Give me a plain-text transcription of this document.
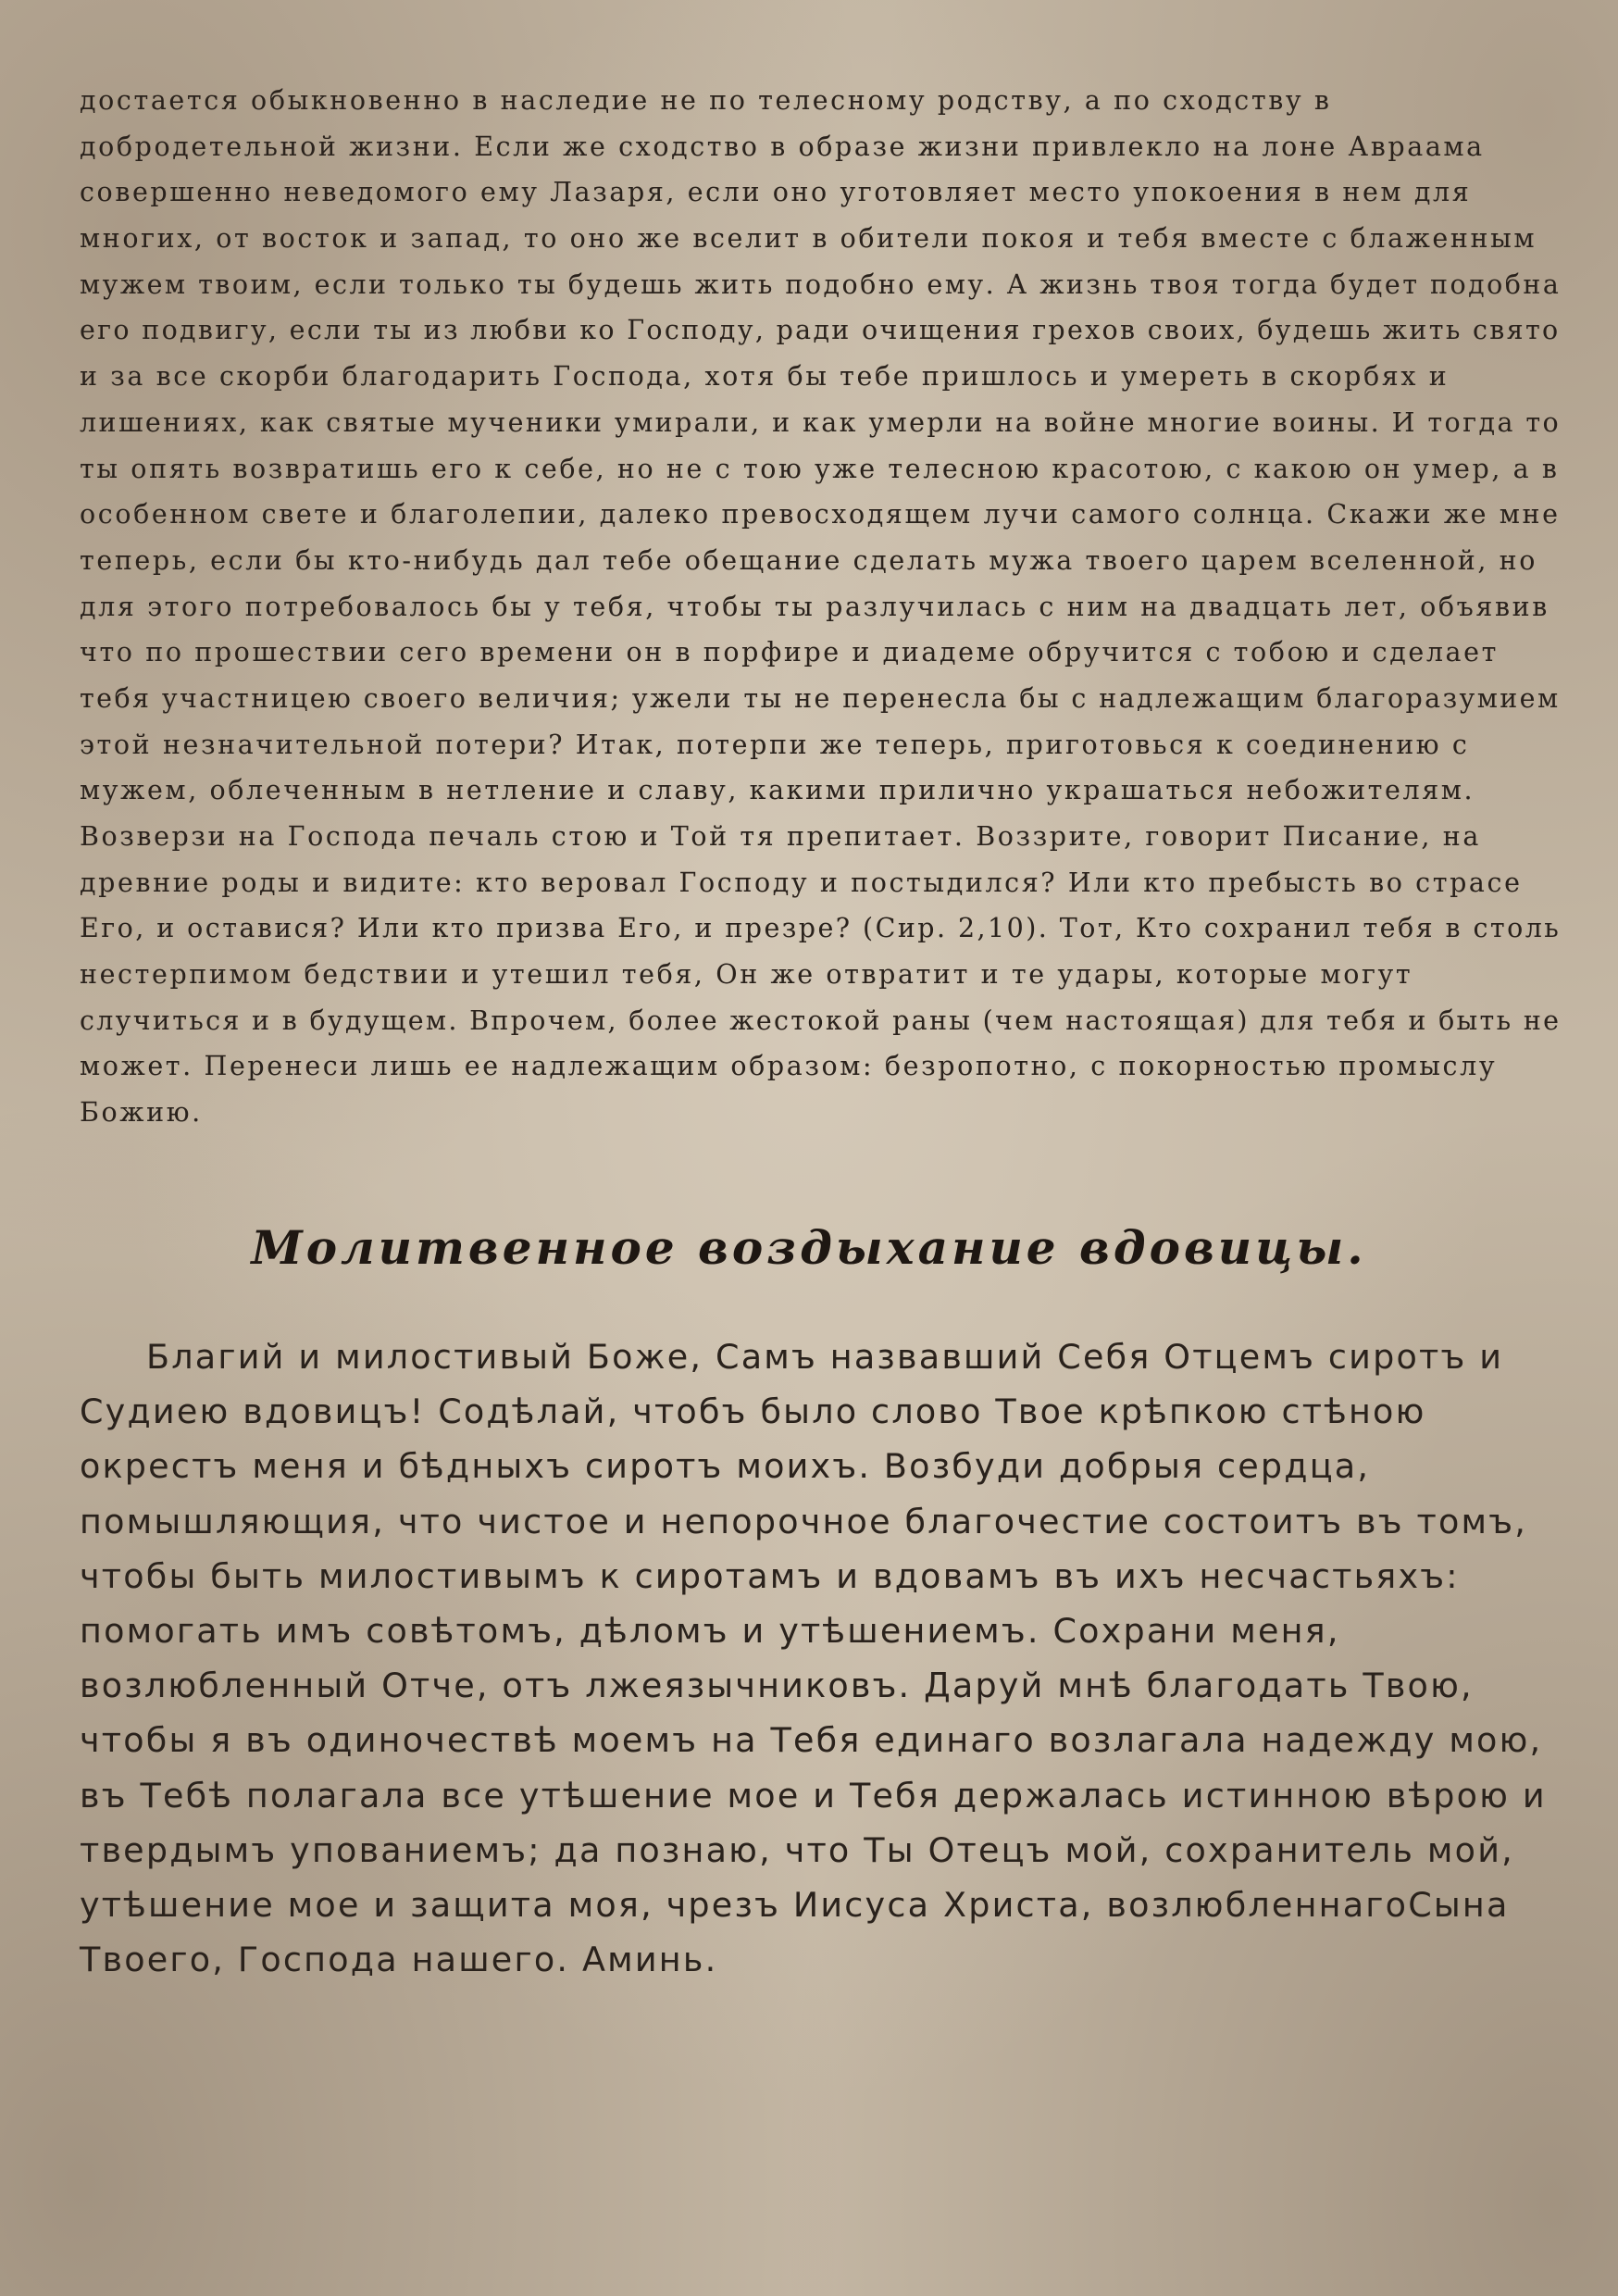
достается обыкновенно в наследие не по телесному родству, а по сходству в
добродетельной жизни. Если же сходство в образе жизни привлекло на лоне Авраама
совершенно неведомого ему Лазаря, если оно уготовляет место упокоения в нем для
многих, от восток и запад, то оно же вселит в обители покоя и тебя вместе с блаженным
мужем твоим, если только ты будешь жить подобно ему. А жизнь твоя тогда будет подобна
его подвигу, если ты из любви ко Господу, ради очищения грехов своих, будешь жить свято
и за все скорби благодарить Господа, хотя бы тебе пришлось и умереть в скорбях и
лишениях, как святые мученики умирали, и как умерли на войне многие воины. И тогда то
ты опять возвратишь его к себе, но не с тою уже телесною красотою, с какою он умер, а в
особенном свете и благолепии, далеко превосходящем лучи самого солнца. Скажи же мне
теперь, если бы кто-нибудь дал тебе обещание сделать мужа твоего царем вселенной, но
для этого потребовалось бы у тебя, чтобы ты разлучилась с ним на двадцать лет, объявив
что по прошествии сего времени он в порфире и диадеме обручится с тобою и сделает
тебя участницею своего величия; ужели ты не перенесла бы с надлежащим благоразумием
этой незначительной потери? Итак, потерпи же теперь, приготовься к соединению с
мужем, облеченным в нетление и славу, какими прилично украшаться небожителям.
Возверзи на Господа печаль стою и Той тя препитает. Воззрите, говорит Писание, на
древние роды и видите: кто веровал Господу и постыдился? Или кто пребысть во страсе
Его, и оставися? Или кто призва Его, и презре? (Сир. 2,10). Тот, Кто сохранил тебя в столь
нестерпимом бедствии и утешил тебя, Он же отвратит и те удары, которые могут
случиться и в будущем. Впрочем, более жестокой раны (чем настоящая) для тебя и быть не
может. Перенеси лишь ее надлежащим образом: безропотно, с покорностью промыслу
Божию.
Молитвенное воздыхание вдовицы.
Благий и милостивый Боже, Самъ назвавший Себя Отцемъ сиротъ и
Судиею вдовицъ! Содѣлай, чтобъ было слово Твое крѣпкою стѣною
окрестъ меня и бѣдныхъ сиротъ моихъ. Возбуди добрыя сердца,
помышляющия, что чистое и непорочное благочестие состоитъ въ томъ,
чтобы быть милостивымъ к сиротамъ и вдовамъ въ ихъ несчастьяхъ:
помогать имъ совѣтомъ, дѣломъ и утѣшениемъ. Сохрани меня,
возлюбленный Отче, отъ лжеязычниковъ. Даруй мнѣ благодать Твою,
чтобы я въ одиночествѣ моемъ на Тебя единаго возлагала надежду мою,
въ Тебѣ полагала все утѣшение мое и Тебя держалась истинною вѣрою и
твердымъ упованиемъ; да познаю, что Ты Отецъ мой, сохранитель мой,
утѣшение мое и защита моя, чрезъ Иисуса Христа, возлюбленнагоСына
Твоего, Господа нашего. Аминь.
